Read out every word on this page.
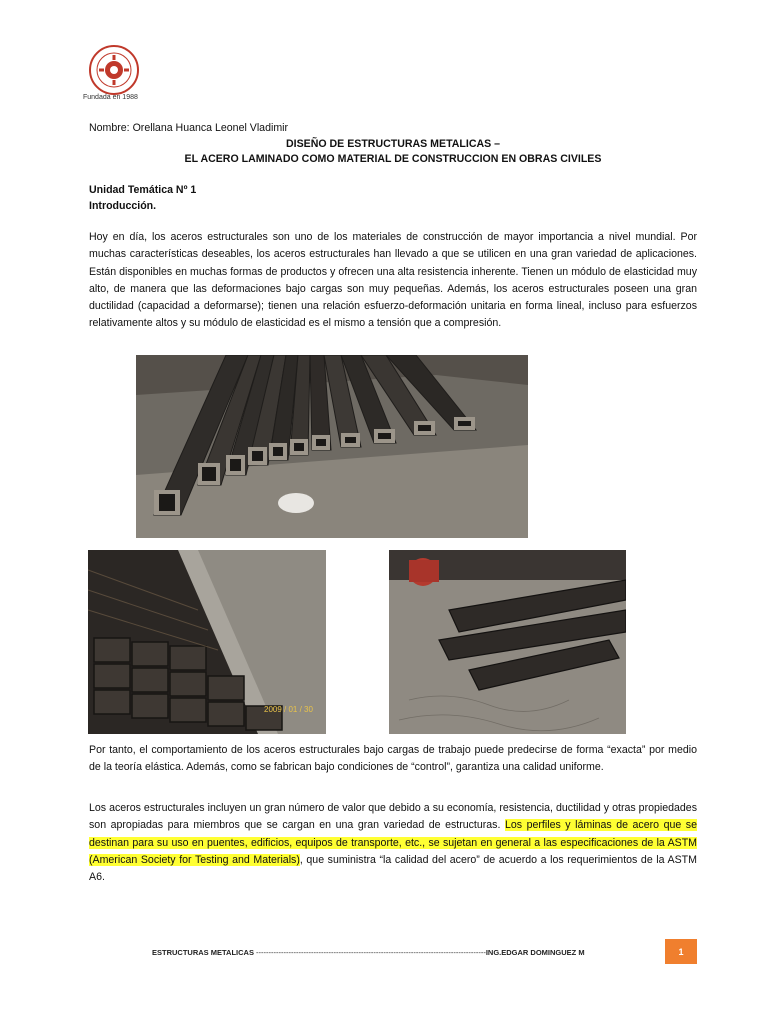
Fundada en 1988
Nombre: Orellana Huanca Leonel Vladimir
DISEÑO DE ESTRUCTURAS METALICAS –
EL ACERO LAMINADO COMO MATERIAL DE CONSTRUCCION EN OBRAS CIVILES
Unidad Temática Nº 1
Introducción.
Hoy en día, los aceros estructurales son uno de los materiales de construcción de mayor importancia a nivel mundial. Por muchas características deseables, los aceros estructurales han llevado a que se utilicen en una gran variedad de aplicaciones. Están disponibles en muchas formas de productos y ofrecen una alta resistencia inherente. Tienen un módulo de elasticidad muy alto, de manera que las deformaciones bajo cargas son muy pequeñas. Además, los aceros estructurales poseen una gran ductilidad (capacidad a deformarse); tienen una relación esfuerzo-deformación unitaria en forma lineal, incluso para esfuerzos relativamente altos y su módulo de elasticidad es el mismo a tensión que a compresión.
2009 / 01 / 30
Por tanto, el comportamiento de los aceros estructurales bajo cargas de trabajo puede predecirse de forma “exacta” por medio de la teoría elástica. Además, como se fabrican bajo condiciones de “control”, garantiza una calidad uniforme.
Los aceros estructurales incluyen un gran número de valor que debido a su economía, resistencia, ductilidad y otras propiedades son apropiadas para miembros que se cargan en una gran variedad de estructuras. Los perfiles y láminas de acero que se destinan para su uso en puentes, edificios, equipos de transporte, etc., se sujetan en general a las especificaciones de la ASTM (American Society for Testing and Materials), que suministra “la calidad del acero” de acuerdo a los requerimientos de la ASTM A6.
ESTRUCTURAS METALICAS --------------------------------------------------------------------------------------------ING.EDGAR DOMINGUEZ M	1
